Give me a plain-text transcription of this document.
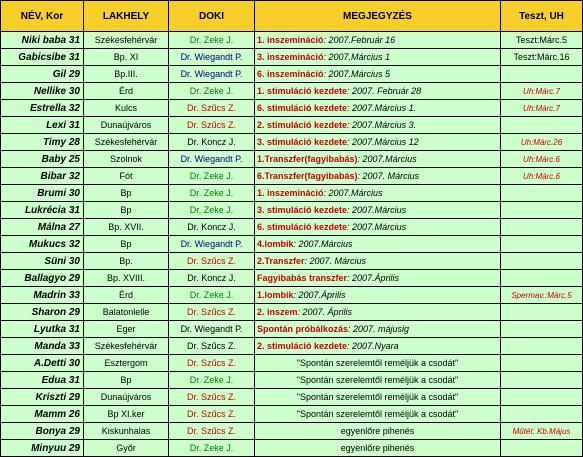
NÉV, Kor	LAKHELY	DOKI	MEGJEGYZÉS	Teszt, UH
Niki baba 31	Székesfehérvár	Dr. Zeke J.	1. inszemináció: 2007.Február 16	Teszt:Márc.5
Gabicsibe 31	Bp. XI	Dr. Wiegandt P.	3. inszemináció: 2007.Március 1	Teszt:Márc.16
Gil 29	Bp.III.	Dr. Wiegandt P.	6. inszemináció: 2007.Március 5	
Nellike 30	Érd	Dr. Zeke J.	1. stimuláció kezdete: 2007. Február 28	Uh:Márc.7
Estrella 32	Kulcs	Dr. Szűcs Z.	6. stimuláció kezdete: 2007.Március 1.	Uh:Márc.7
Lexi 31	Dunaújváros	Dr. Szűcs Z.	2. stimuláció kezdete: 2007.Március 3.	
Timy 28	Székesfehérvár	Dr. Koncz J.	3. stimuláció kezdete: 2007.Március 12	Uh:Márc.26
Baby 25	Szolnok	Dr. Wiegandt P.	1.Transzfer(fagyibabás): 2007.Március	Uh:Márc.6
Bibar 32	Fót	Dr. Zeke J.	6.Transzfer(fagyibabás): 2007. Március	Uh:Márc.6
Brumi 30	Bp	Dr. Zeke J.	1. inszemináció: 2007.Március	
Lukrécia 31	Bp	Dr. Zeke J.	3. stimuláció kezdete: 2007.Március	
Málna 27	Bp. XVII.	Dr. Koncz J.	6. stimuláció kezdete: 2007.Március	
Mukucs 32	Bp	Dr. Wiegandt P.	4.lombik: 2007.Március	
Süni 30	Bp.	Dr. Szűcs Z.	2.Transzfer: 2007. Március	
Ballagyo 29	Bp. XVIII.	Dr. Koncz J.	Fagyibabás transzfer: 2007.Április	
Madrin 33	Érd	Dr. Zeke J.	1.lombik: 2007.Április	Spermav.:Márc.5
Sharon 29	Balatonlelle	Dr. Szűcs Z.	2. inszem: 2007. Április	
Lyutka 31	Eger	Dr. Wiegandt P.	Spontán próbálkozás: 2007. májusig	
Manda 33	Székesfehérvár	Dr. Szűcs Z.	2. stimuláció kezdete: 2007.Nyara	
A.Detti 30	Esztergom	Dr. Szűcs Z.	"Spontán szerelemtől reméljük a csodát"	
Edua 31	Bp	Dr. Zeke J.	"Spontán szerelemtől reméljük a csodát"	
Kriszti 29	Dunaújváros	Dr. Szűcs Z.	"Spontán szerelemtől reméljük a csodát"	
Mamm 26	Bp XI.ker	Dr. Szűcs Z.	"Spontán szerelemtől reméljük a csodát"	
Bonya 29	Kiskunhalas	Dr. Szűcs Z.	egyenlőre pihenés	Műtét: Kb.Május
Minyuu 29	Győr	Dr. Zeke J.	egyenlőre pihenés	
